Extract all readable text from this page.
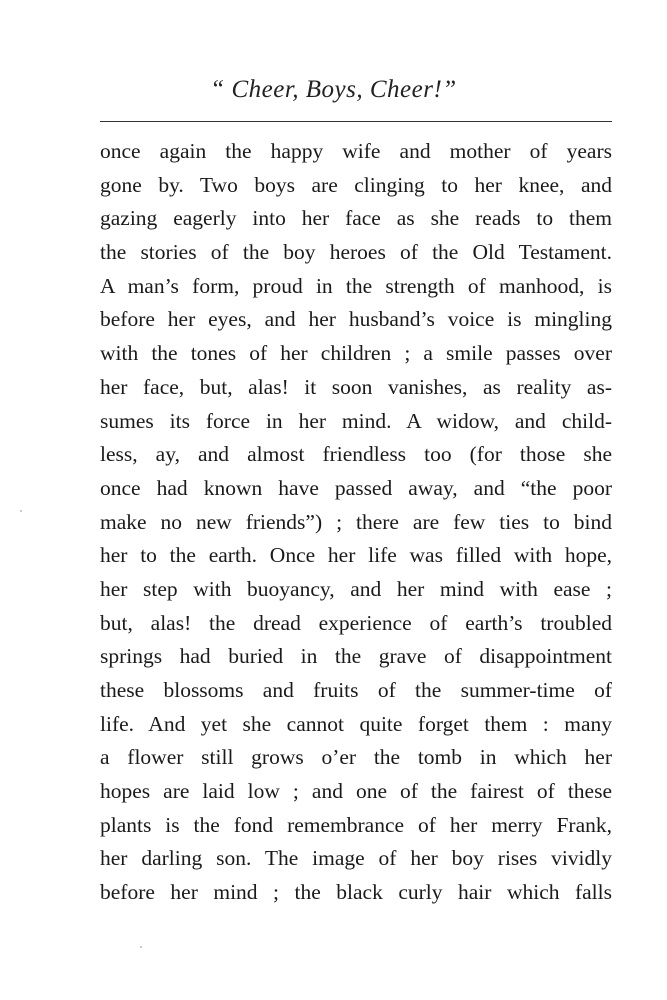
“ Cheer, Boys, Cheer!”
once again the happy wife and mother of years
gone by. Two boys are clinging to her knee, and
gazing eagerly into her face as she reads to them
the stories of the boy heroes of the Old Testament.
A man’s form, proud in the strength of manhood, is
before her eyes, and her husband’s voice is mingling
with the tones of her children ; a smile passes over
her face, but, alas! it soon vanishes, as reality as-
sumes its force in her mind. A widow, and child-
less, ay, and almost friendless too (for those she
once had known have passed away, and “the poor
make no new friends”) ; there are few ties to bind
her to the earth. Once her life was filled with hope,
her step with buoyancy, and her mind with ease ;
but, alas! the dread experience of earth’s troubled
springs had buried in the grave of disappointment
these blossoms and fruits of the summer-time of
life. And yet she cannot quite forget them : many
a flower still grows o’er the tomb in which her
hopes are laid low ; and one of the fairest of these
plants is the fond remembrance of her merry Frank,
her darling son. The image of her boy rises vividly
before her mind ; the black curly hair which falls
